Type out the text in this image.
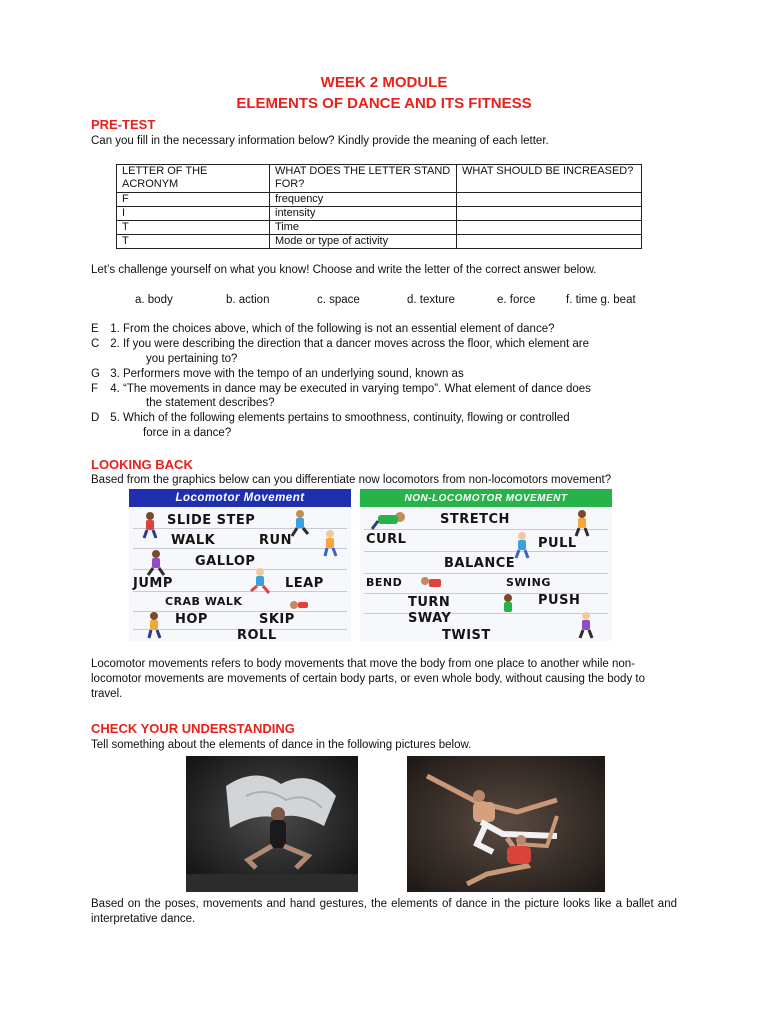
WEEK 2 MODULE
ELEMENTS OF DANCE AND ITS FITNESS
PRE-TEST
Can you fill in the necessary information below? Kindly provide the meaning of each letter.
LETTER OF THE ACRONYM	WHAT DOES THE LETTER STAND FOR?	WHAT SHOULD BE INCREASED?
F	frequency	
I	intensity	
T	Time	
T	Mode or type of activity	
Let’s challenge yourself on what you know! Choose and write the letter of the correct answer below.
a. body	b. action	c. space	d. texture	e. force	f. time g. beat
E 1. From the choices above, which of the following is not an essential element of dance?
C 2. If you were describing the direction that a dancer moves across the floor, which element are
you pertaining to?
G 3. Performers move with the tempo of an underlying sound, known as
F 4. “The movements in dance may be executed in varying tempo”. What element of dance does
the statement describes?
D 5. Which of the following elements pertains to smoothness, continuity, flowing or controlled
force in a dance?
LOOKING BACK
Based from the graphics below can you differentiate now locomotors from non-locomotors movement?
Locomotor Movement
SLIDE STEP
WALK	RUN
GALLOP
JUMP	LEAP
CRAB WALK
HOP	SKIP
ROLL
NON-LOCOMOTOR MOVEMENT
STRETCH
CURL	PULL
BALANCE
BEND	SWING
TURN	PUSH
SWAY
TWIST
Locomotor movements refers to body movements that move the body from one place to another while non-locomotor movements are movements of certain body parts, or even whole body, without causing the body to travel.
CHECK YOUR UNDERSTANDING
Tell something about the elements of dance in the following pictures below.
Based on the poses, movements and hand gestures, the elements of dance in the picture looks like a ballet and interpretative dance.
